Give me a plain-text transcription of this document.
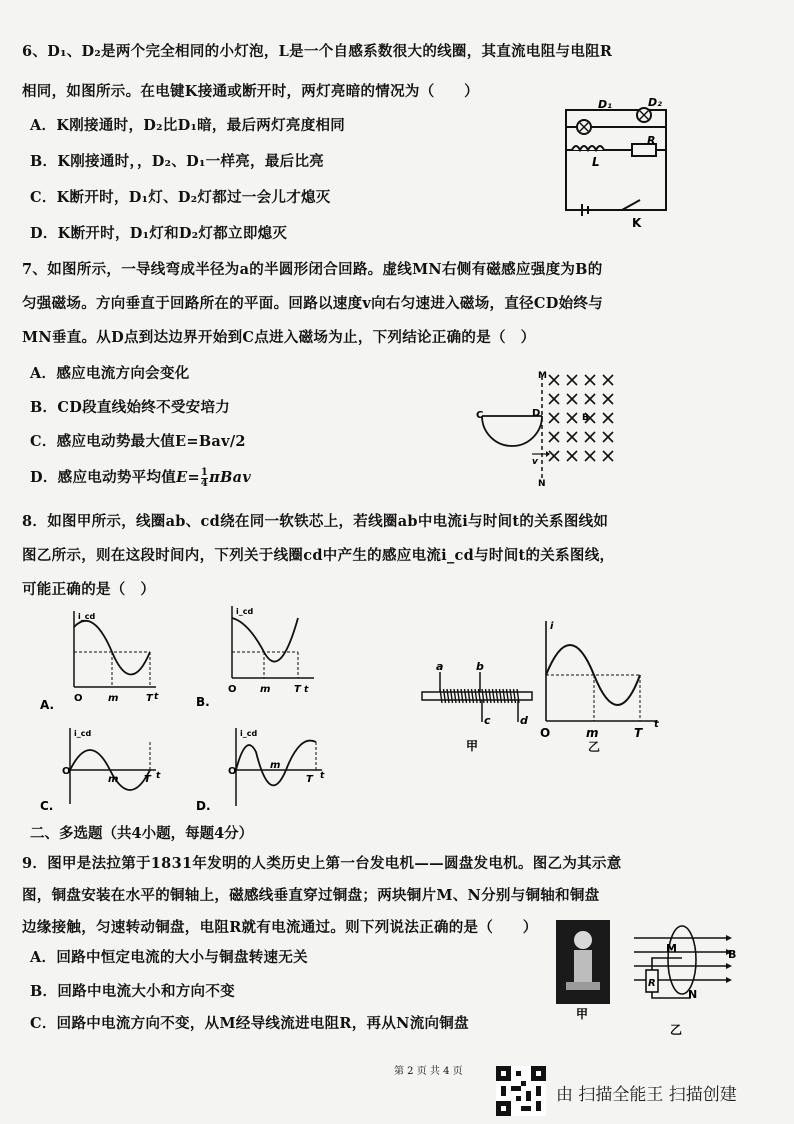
6、D₁、D₂是两个完全相同的小灯泡，L是一个自感系数很大的线圈，其直流电阻与电阻R
相同，如图所示。在电键K接通或断开时，两灯亮暗的情况为（　　）
A．K刚接通时，D₂比D₁暗，最后两灯亮度相同
B．K刚接通时，，D₂、D₁一样亮，最后比亮
C．K断开时，D₁灯、D₂灯都过一会儿才熄灭
D．K断开时，D₁灯和D₂灯都立即熄灭
D₁	D₂
L
R
K
7、如图所示，一导线弯成半径为a的半圆形闭合回路。虚线MN右侧有磁感应强度为B的
匀强磁场。方向垂直于回路所在的平面。回路以速度v向右匀速进入磁场，直径CD始终与
MN垂直。从D点到达边界开始到C点进入磁场为止，下列结论正确的是（　）
A．感应电流方向会变化
B．CD段直线始终不受安培力
C．感应电动势最大值E=Bav/2
D．感应电动势平均值$E= \frac{1}{4}$ πBav
M
N
C	D	B
v
8．如图甲所示，线圈ab、cd绕在同一软铁芯上，若线圈ab中电流i与时间t的关系图线如
图乙所示，则在这段时间内，下列关于线圈cd中产生的感应电流i_cd与时间t的关系图线，
可能正确的是（　）
i_cd
O	m	T t
A.
i_cd
O m T t
B.
i_cd
O
m	T t
C.
i_cd
O
m
T t
D.
a	b
c	d
甲
i
O	m	T
t
乙
二、多选题（共4小题，每题4分）
9．图甲是法拉第于1831年发明的人类历史上第一台发电机——圆盘发电机。图乙为其示意
图，铜盘安装在水平的铜轴上，磁感线垂直穿过铜盘；两块铜片M、N分别与铜轴和铜盘
边缘接触，匀速转动铜盘，电阻R就有电流通过。则下列说法正确的是（　　）
A．回路中恒定电流的大小与铜盘转速无关
B．回路中电流大小和方向不变
C．回路中电流方向不变，从M经导线流进电阻R，再从N流向铜盘
甲
M
N
B
R
乙
第 2 页 共 4 页
由 扫描全能王 扫描创建
